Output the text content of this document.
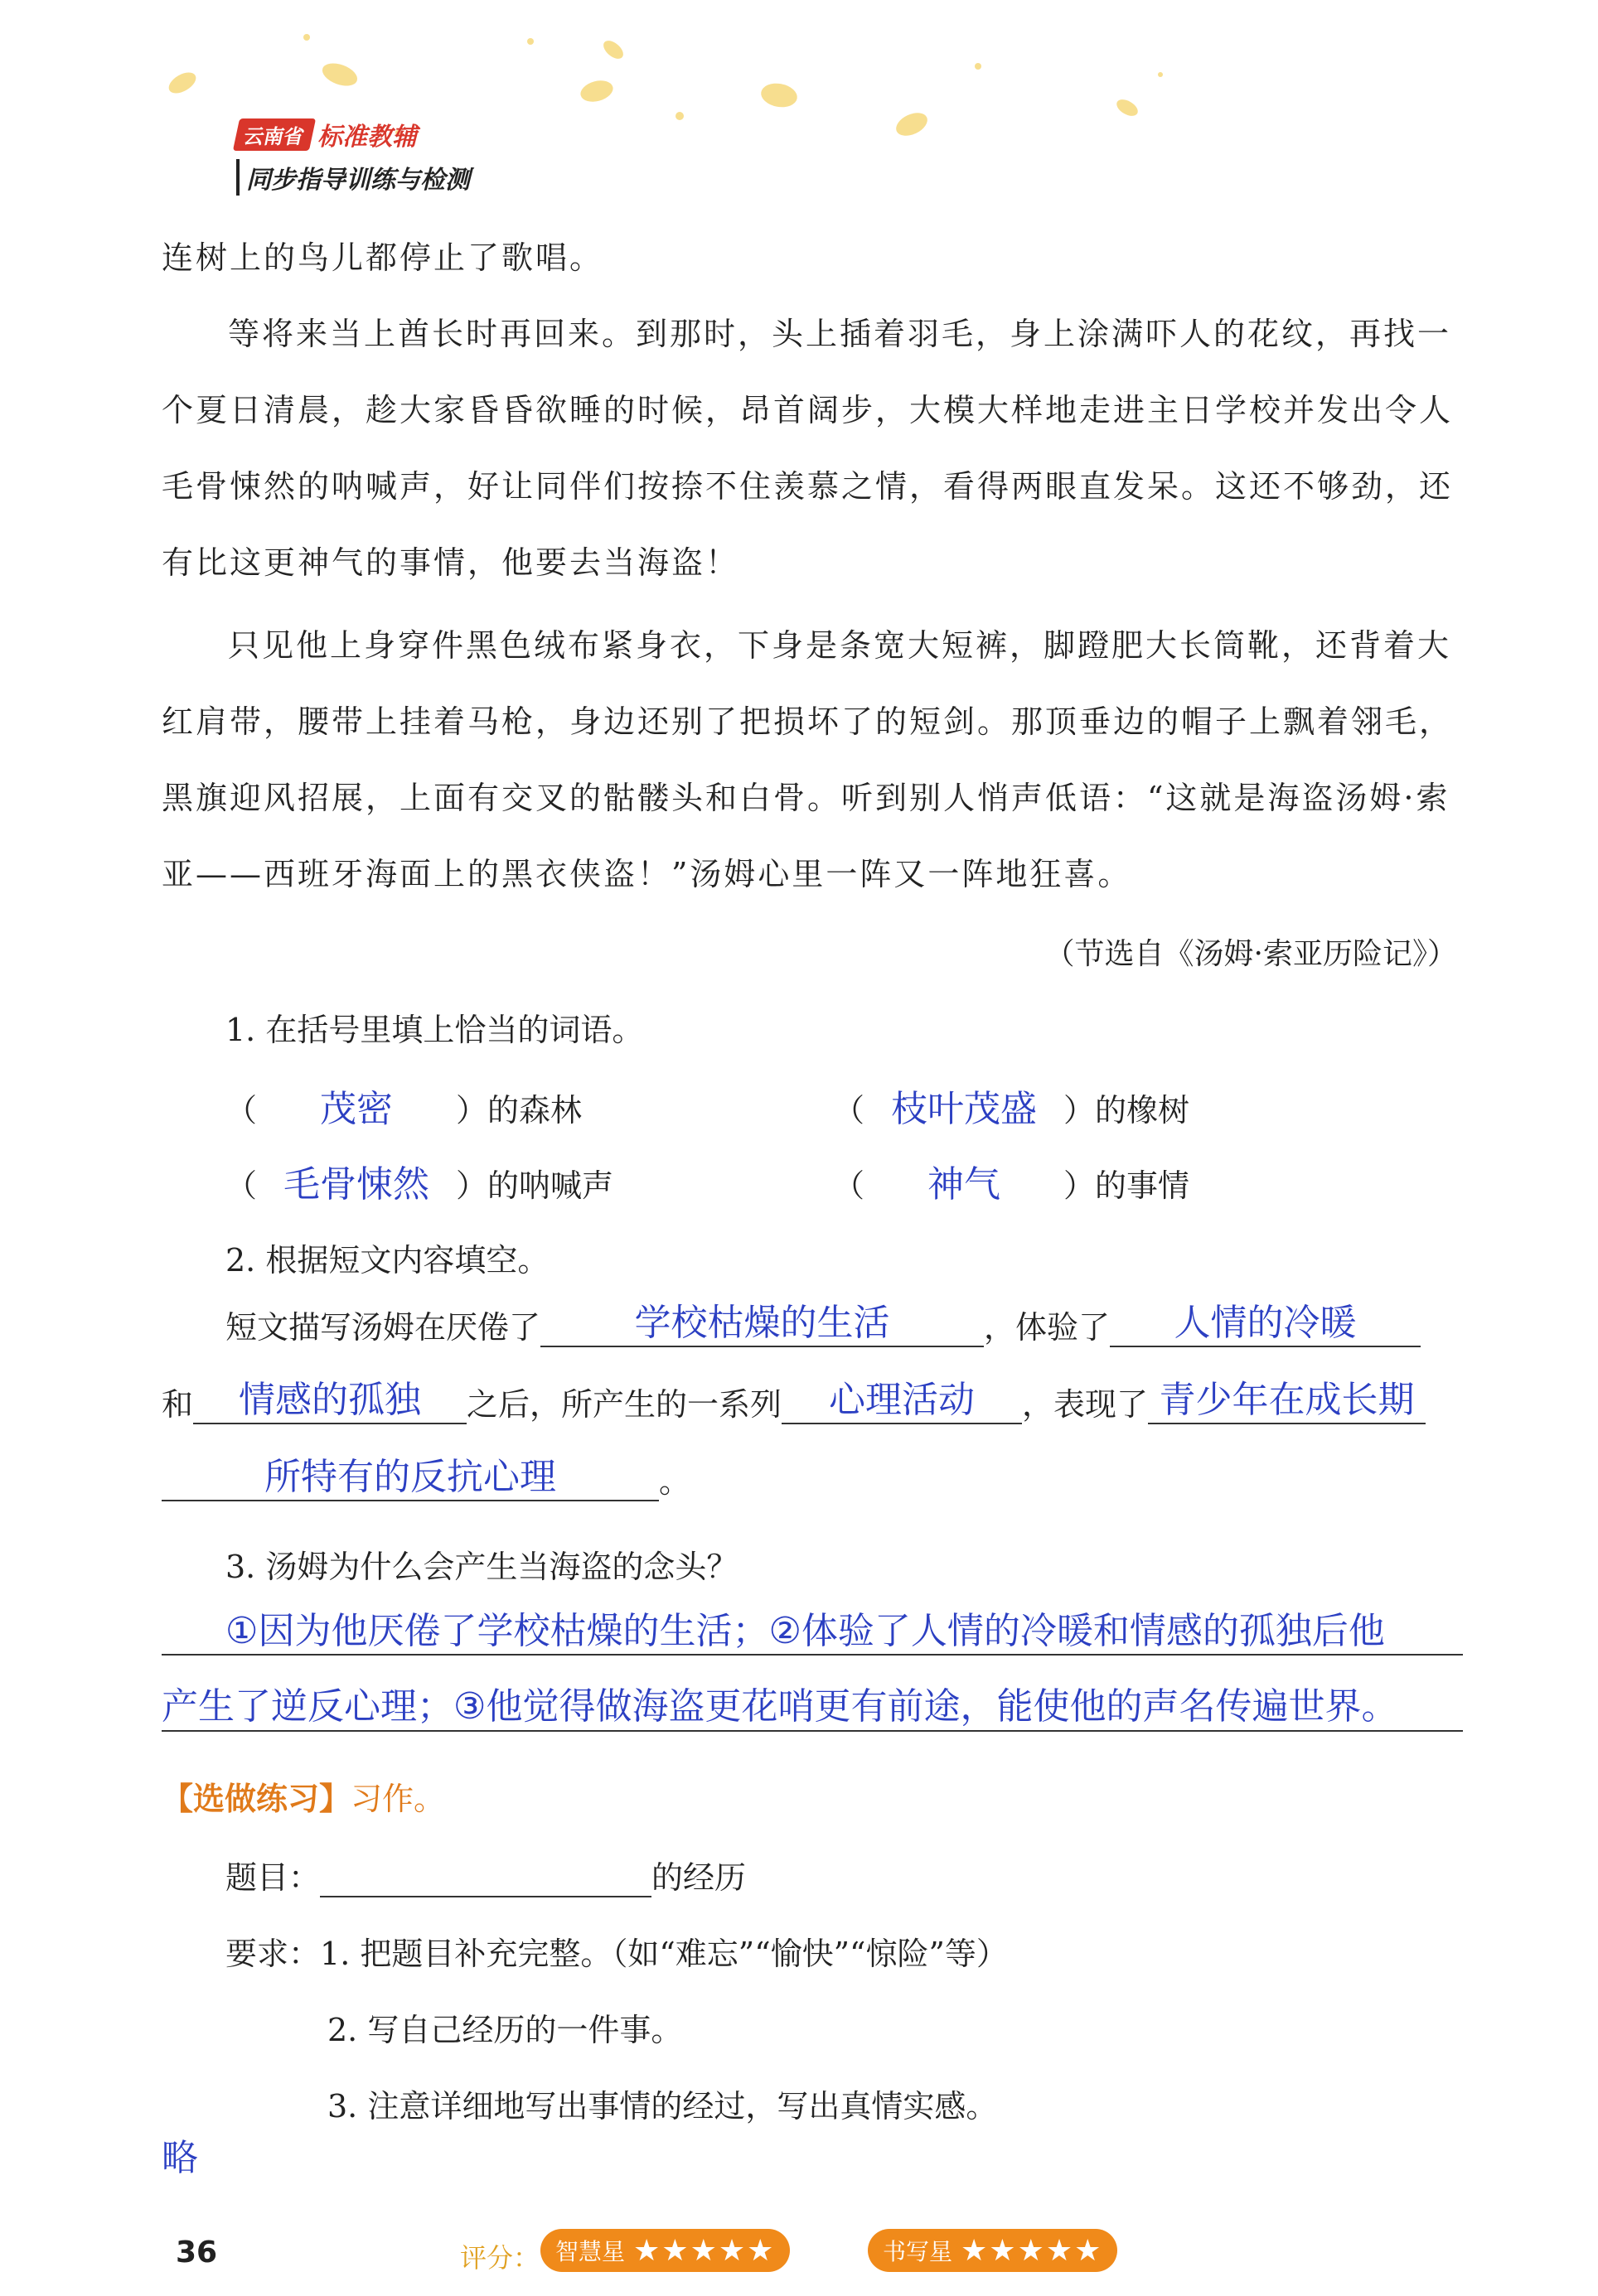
云南省 标准教辅
同步指导训练与检测
连树上的鸟儿都停止了歌唱。
等将来当上酋长时再回来。到那时，头上插着羽毛，身上涂满吓人的花纹，再找一个夏日清晨，趁大家昏昏欲睡的时候，昂首阔步，大模大样地走进主日学校并发出令人毛骨悚然的呐喊声，好让同伴们按捺不住羡慕之情，看得两眼直发呆。这还不够劲，还有比这更神气的事情，他要去当海盗！
只见他上身穿件黑色绒布紧身衣，下身是条宽大短裤，脚蹬肥大长筒靴，还背着大红肩带，腰带上挂着马枪，身边还别了把损坏了的短剑。那顶垂边的帽子上飘着翎毛，黑旗迎风招展，上面有交叉的骷髅头和白骨。听到别人悄声低语：“这就是海盗汤姆·索亚——西班牙海面上的黑衣侠盗！”汤姆心里一阵又一阵地狂喜。
（节选自《汤姆·索亚历险记》）
1. 在括号里填上恰当的词语。
（ 茂密 ）的森林	（ 枝叶茂盛 ）的橡树
（ 毛骨悚然 ）的呐喊声	（ 神气 ）的事情
2. 根据短文内容填空。
短文描写汤姆在厌倦了	学校枯燥的生活	，体验了 人情的冷暖
和 情感的孤独 之后，所产生的一系列 心理活动 ，表现了 青少年在成长期
所特有的反抗心理	。
3. 汤姆为什么会产生当海盗的念头？
①因为他厌倦了学校枯燥的生活；②体验了人情的冷暖和情感的孤独后他
产生了逆反心理；③他觉得做海盗更花哨更有前途，能使他的声名传遍世界。
【选做练习】习作。
题目：	的经历
要求：1. 把题目补充完整。（如“难忘”“愉快”“惊险”等）
2. 写自己经历的一件事。
3. 注意详细地写出事情的经过，写出真情实感。
略
36	评分： 智慧星 ★★★★★	书写星 ★★★★★
